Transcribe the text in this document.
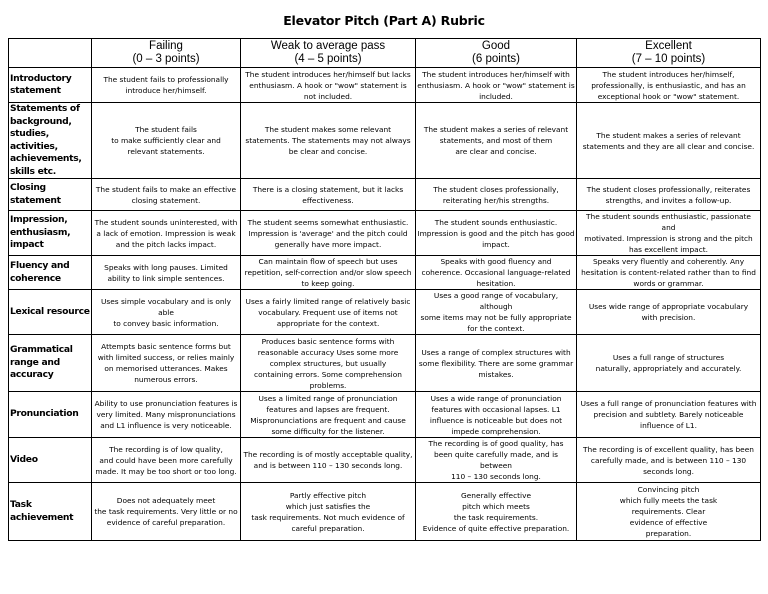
Elevator Pitch (Part A) Rubric

	Failing
(0 – 3 points)	Weak to average pass
(4 – 5 points)	Good
(6 points)	Excellent
(7 – 10 points)

Introductory statement	The student fails to professionally
introduce her/himself.	The student introduces her/himself but lacks
enthusiasm. A hook or "wow" statement is
not included.	The student introduces her/himself with
enthusiasm. A hook or "wow" statement is
included.	The student introduces her/himself,
professionally, is enthusiastic, and has an
exceptional hook or "wow" statement.
Statements of background, studies, activities, achievements, skills etc.	The student fails
to make sufficiently clear and
relevant statements.	The student makes some relevant
statements. The statements may not always
be clear and concise.	The student makes a series of relevant
statements, and most of them
are clear and concise.	The student makes a series of relevant
statements and they are all clear and concise.
Closing statement	The student fails to make an effective
closing statement.	There is a closing statement, but it lacks
effectiveness.	The student closes professionally,
reiterating her/his strengths.	The student closes professionally, reiterates
strengths, and invites a follow-up.
Impression, enthusiasm, impact	The student sounds uninterested, with
a lack of emotion. Impression is weak
and the pitch lacks impact.	The student seems somewhat enthusiastic.
Impression is 'average' and the pitch could
generally have more impact.	The student sounds enthusiastic.
Impression is good and the pitch has good
impact.	The student sounds enthusiastic, passionate and
motivated. Impression is strong and the pitch
has excellent impact.
Fluency and coherence	Speaks with long pauses. Limited
ability to link simple sentences.	Can maintain flow of speech but uses
repetition, self-correction and/or slow speech
to keep going.	Speaks with good fluency and
coherence. Occasional language-related
hesitation.	Speaks very fluently and coherently. Any
hesitation is content-related rather than to find
words or grammar.
Lexical resource	Uses simple vocabulary and is only able
to convey basic information.	Uses a fairly limited range of relatively basic
vocabulary. Frequent use of items not
appropriate for the context.	Uses a good range of vocabulary, although
some items may not be fully appropriate
for the context.	Uses wide range of appropriate vocabulary
with precision.
Grammatical range and accuracy	Attempts basic sentence forms but
with limited success, or relies mainly
on memorised utterances. Makes
numerous errors.	Produces basic sentence forms with
reasonable accuracy Uses some more
complex structures, but usually
containing errors. Some comprehension
problems.	Uses a range of complex structures with
some flexibility. There are some grammar
mistakes.	Uses a full range of structures
naturally, appropriately and accurately.
Pronunciation	Ability to use pronunciation features is
very limited. Many mispronunciations
and L1 influence is very noticeable.	Uses a limited range of pronunciation
features and lapses are frequent.
Mispronunciations are frequent and cause
some difficulty for the listener.	Uses a wide range of pronunciation
features with occasional lapses. L1
influence is noticeable but does not
impede comprehension.	Uses a full range of pronunciation features with
precision and subtlety. Barely noticeable
influence of L1.
Video	The recording is of low quality,
and could have been more carefully
made. It may be too short or too long.	The recording is of mostly acceptable quality,
and is between 110 – 130 seconds long.	The recording is of good quality, has
been quite carefully made, and is between
110 – 130 seconds long.	The recording is of excellent quality, has been
carefully made, and is between 110 – 130
seconds long.
Task achievement	Does not adequately meet
the task requirements. Very little or no
evidence of careful preparation.	Partly effective pitch
which just satisfies the
task requirements. Not much evidence of
careful preparation.	Generally effective
pitch which meets
the task requirements.
Evidence of quite effective preparation.	Convincing pitch
which fully meets the task
requirements. Clear
evidence of effective
preparation.
